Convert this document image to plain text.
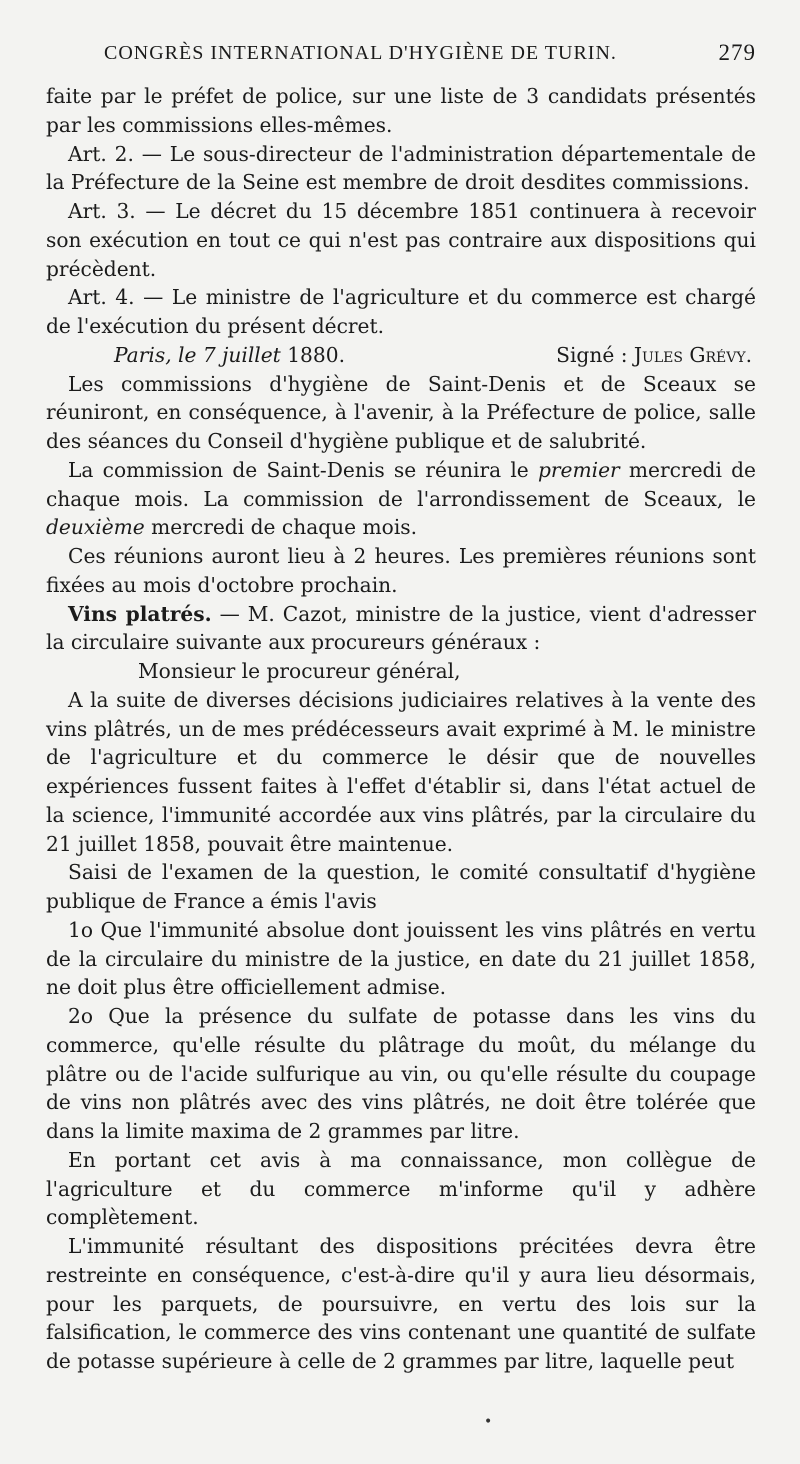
CONGRÈS INTERNATIONAL D'HYGIÈNE DE TURIN.	279

faite par le préfet de police, sur une liste de 3 candidats présentés par les commissions elles-mêmes.

Art. 2. — Le sous-directeur de l'administration départementale de la Préfecture de la Seine est membre de droit desdites commissions.

Art. 3. — Le décret du 15 décembre 1851 continuera à recevoir son exécution en tout ce qui n'est pas contraire aux dispositions qui précèdent.

Art. 4. — Le ministre de l'agriculture et du commerce est chargé de l'exécution du présent décret.

Paris, le 7 juillet 1880.	Signé : Jules Grévy.

Les commissions d'hygiène de Saint-Denis et de Sceaux se réuniront, en conséquence, à l'avenir, à la Préfecture de police, salle des séances du Conseil d'hygiène publique et de salubrité.

La commission de Saint-Denis se réunira le premier mercredi de chaque mois. La commission de l'arrondissement de Sceaux, le deuxième mercredi de chaque mois.

Ces réunions auront lieu à 2 heures. Les premières réunions sont fixées au mois d'octobre prochain.

Vins platrés. — M. Cazot, ministre de la justice, vient d'adresser la circulaire suivante aux procureurs généraux :

Monsieur le procureur général,

A la suite de diverses décisions judiciaires relatives à la vente des vins plâtrés, un de mes prédécesseurs avait exprimé à M. le ministre de l'agriculture et du commerce le désir que de nouvelles expériences fussent faites à l'effet d'établir si, dans l'état actuel de la science, l'immunité accordée aux vins plâtrés, par la circulaire du 21 juillet 1858, pouvait être maintenue.

Saisi de l'examen de la question, le comité consultatif d'hygiène publique de France a émis l'avis

1o Que l'immunité absolue dont jouissent les vins plâtrés en vertu de la circulaire du ministre de la justice, en date du 21 juillet 1858, ne doit plus être officiellement admise.

2o Que la présence du sulfate de potasse dans les vins du commerce, qu'elle résulte du plâtrage du moût, du mélange du plâtre ou de l'acide sulfurique au vin, ou qu'elle résulte du coupage de vins non plâtrés avec des vins plâtrés, ne doit être tolérée que dans la limite maxima de 2 grammes par litre.

En portant cet avis à ma connaissance, mon collègue de l'agriculture et du commerce m'informe qu'il y adhère complètement.

L'immunité résultant des dispositions précitées devra être restreinte en conséquence, c'est-à-dire qu'il y aura lieu désormais, pour les parquets, de poursuivre, en vertu des lois sur la falsification, le commerce des vins contenant une quantité de sulfate de potasse supérieure à celle de 2 grammes par litre, laquelle peut

•
